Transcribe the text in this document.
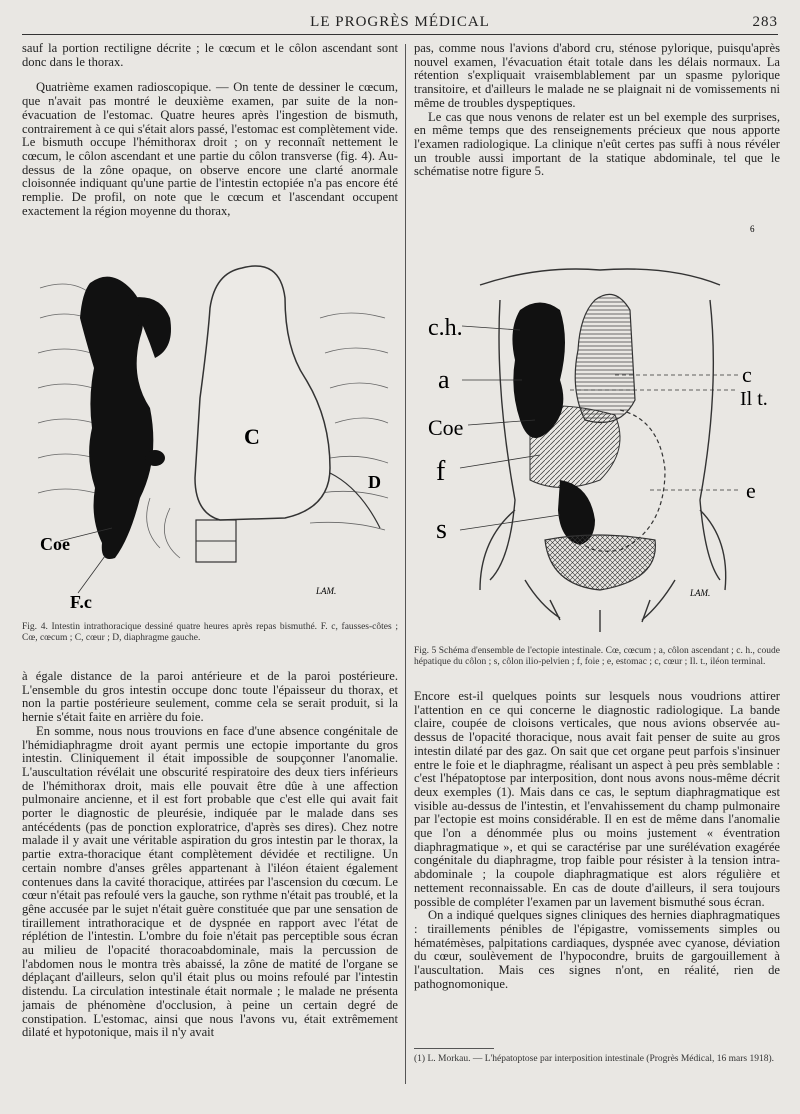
LE PROGRÈS MÉDICAL	283

sauf la portion rectiligne décrite ; le cœcum et le côlon ascendant sont donc dans le thorax.

Quatrième examen radioscopique. — On tente de dessiner le cœcum, que n'avait pas montré le deuxième examen, par suite de la non-évacuation de l'estomac. Quatre heures après l'ingestion de bismuth, contrairement à ce qui s'était alors passé, l'estomac est complètement vide. Le bismuth occupe l'hémithorax droit ; on y reconnaît nettement le cœcum, le côlon ascendant et une partie du côlon transverse (fig. 4). Au-dessus de la zône opaque, on observe encore une clarté anormale cloisonnée indiquant qu'une partie de l'intestin ectopiée n'a pas encore été remplie. De profil, on note que le cœcum et l'ascendant occupent exactement la région moyenne du thorax,

C
D
Coe
F.c
LAM.
Fig. 4. Intestin intrathoracique dessiné quatre heures après repas bismuthé. F. c, fausses-côtes ; Cœ, cœcum ; C, cœur ; D, diaphragme gauche.

à égale distance de la paroi antérieure et de la paroi postérieure. L'ensemble du gros intestin occupe donc toute l'épaisseur du thorax, et non la partie postérieure seulement, comme cela se serait produit, si la hernie s'était faite en arrière du foie.

En somme, nous nous trouvions en face d'une absence congénitale de l'hémidiaphragme droit ayant permis une ectopie importante du gros intestin. Cliniquement il était impossible de soupçonner l'anomalie. L'auscultation révélait une obscurité respiratoire des deux tiers inférieurs de l'hémithorax droit, mais elle pouvait être dûe à une affection pulmonaire ancienne, et il est fort probable que c'est elle qui avait fait porter le diagnostic de pleurésie, indiquée par le malade dans ses antécédents (pas de ponction exploratrice, d'après ses dires). Chez notre malade il y avait une véritable aspiration du gros intestin par le thorax, la partie extra-thoracique étant complètement dévidée et rectiligne. Un certain nombre d'anses grêles appartenant à l'iléon étaient également contenues dans la cavité thoracique, attirées par l'ascension du cœcum. Le cœur n'était pas refoulé vers la gauche, son rythme n'était pas troublé, et la gêne accusée par le sujet n'était guère constituée que par une sensation de tiraillement intrathoracique et de dyspnée en rapport avec l'état de réplétion de l'intestin. L'ombre du foie n'était pas perceptible sous écran au milieu de l'opacité thoracoabdominale, mais la percussion de l'abdomen nous le montra très abaissé, la zône de matité de l'organe se déplaçant d'ailleurs, selon qu'il était plus ou moins refoulé par l'intestin distendu. La circulation intestinale était normale ; le malade ne présenta jamais de phénomène d'occlusion, à peine un certain degré de constipation. L'estomac, ainsi que nous l'avons vu, était extrêmement dilaté et hypotonique, mais il n'y avait

pas, comme nous l'avions d'abord cru, sténose pylorique, puisqu'après nouvel examen, l'évacuation était totale dans les délais normaux. La rétention s'expliquait vraisemblablement par un spasme pylorique transitoire, et d'ailleurs le malade ne se plaignait ni de vomissements ni même de troubles dyspeptiques.

Le cas que nous venons de relater est un bel exemple des surprises, en même temps que des renseignements précieux que nous apporte l'examen radiologique. La clinique n'eût certes pas suffi à nous révéler un trouble aussi important de la statique abdominale, tel que le schématise notre figure 5.

c.h.
a
Coe
f
s
c
Il t.
e
LAM.
6
Fig. 5 Schéma d'ensemble de l'ectopie intestinale. Cœ, cœcum ; a, côlon ascendant ; c. h., coude hépatique du côlon ; s, côlon ilio-pelvien ; f, foie ; e, estomac ; c, cœur ; Il. t., iléon terminal.

Encore est-il quelques points sur lesquels nous voudrions attirer l'attention en ce qui concerne le diagnostic radiologique. La bande claire, coupée de cloisons verticales, que nous avions observée au-dessus de l'opacité thoracique, nous avait fait penser de suite au gros intestin dilaté par des gaz. On sait que cet organe peut parfois s'insinuer entre le foie et le diaphragme, réalisant un aspect à peu près semblable : c'est l'hépatoptose par interposition, dont nous avons nous-même décrit deux exemples (1). Mais dans ce cas, le septum diaphragmatique est visible au-dessus de l'intestin, et l'envahissement du champ pulmonaire par l'ectopie est moins considérable. Il en est de même dans l'anomalie que l'on a dénommée plus ou moins justement « éventration diaphragmatique », et qui se caractérise par une surélévation exagérée congénitale du diaphragme, trop faible pour résister à la tension intra-abdominale ; la coupole diaphragmatique est alors régulière et nettement reconnaissable. En cas de doute d'ailleurs, il sera toujours possible de compléter l'examen par un lavement bismuthé sous écran.

On a indiqué quelques signes cliniques des hernies diaphragmatiques : tiraillements pénibles de l'épigastre, vomissements simples ou hématémèses, palpitations cardiaques, dyspnée avec cyanose, déviation du cœur, soulèvement de l'hypocondre, bruits de gargouillement à l'auscultation. Mais ces signes n'ont, en réalité, rien de pathognomonique.

(1) L. Morkau. — L'hépatoptose par interposition intestinale (Progrès Médical, 16 mars 1918).
